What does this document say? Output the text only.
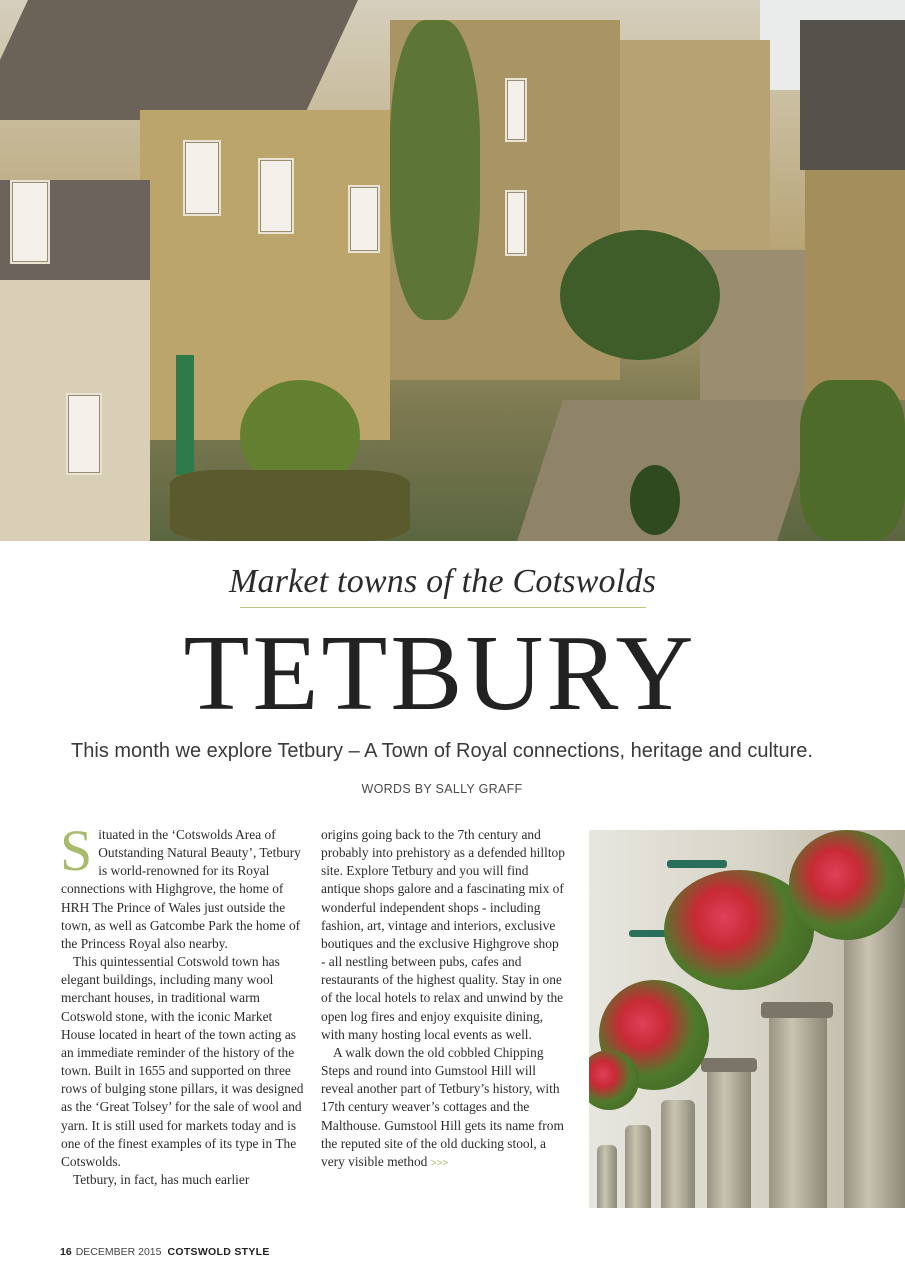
Market towns of the Cotswolds
TETBURY
This month we explore Tetbury – A Town of Royal connections, heritage and culture.
WORDS BY SALLY GRAFF

Situated in the ‘Cotswolds Area of Outstanding Natural Beauty’, Tetbury is world-renowned for its Royal connections with Highgrove, the home of HRH The Prince of Wales just outside the town, as well as Gatcombe Park the home of the Princess Royal also nearby.

This quintessential Cotswold town has elegant buildings, including many wool merchant houses, in traditional warm Cotswold stone, with the iconic Market House located in heart of the town acting as an immediate reminder of the history of the town. Built in 1655 and supported on three rows of bulging stone pillars, it was designed as the ‘Great Tolsey’ for the sale of wool and yarn. It is still used for markets today and is one of the finest examples of its type in The Cotswolds.

Tetbury, in fact, has much earlier

origins going back to the 7th century and probably into prehistory as a defended hilltop site. Explore Tetbury and you will find antique shops galore and a fascinating mix of wonderful independent shops - including fashion, art, vintage and interiors, exclusive boutiques and the exclusive Highgrove shop - all nestling between pubs, cafes and restaurants of the highest quality. Stay in one of the local hotels to relax and unwind by the open log fires and enjoy exquisite dining, with many hosting local events as well.

A walk down the old cobbled Chipping Steps and round into Gumstool Hill will reveal another part of Tetbury’s history, with 17th century weaver’s cottages and the Malthouse. Gumstool Hill gets its name from the reputed site of the old ducking stool, a very visible method >>>

16 DECEMBER 2015 COTSWOLD STYLE
